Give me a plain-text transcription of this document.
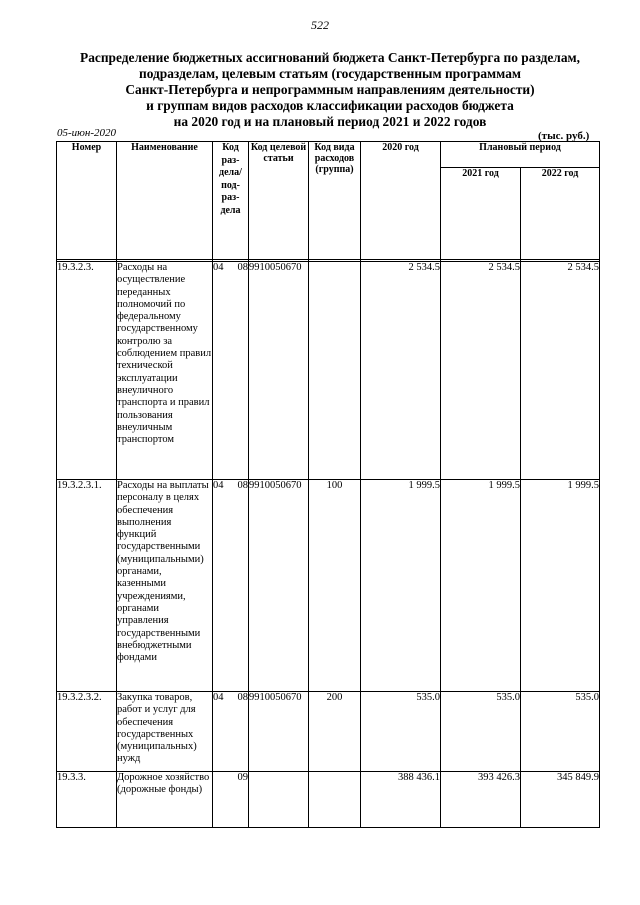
522
Распределение бюджетных ассигнований бюджета Санкт-Петербурга по разделам,
подразделам, целевым статьям (государственным программам
Санкт-Петербурга и непрограммным направлениям деятельности)
и группам видов расходов классификации расходов бюджета
на 2020 год и на плановый период 2021 и 2022 годов
05-июн-2020	(тыс. руб.)
Номер	Наименование	Код раз-дела/ под-раз-дела	Код целевой статьи	Код вида расходов (группа)	2020 год	Плановый период	
						2021 год	2022 год

19.3.2.3.	Расходы на осуществление переданных полномочий по федеральному государственному контролю за соблюдением правил технической эксплуатации внеуличного транспорта и правил пользования внеуличным транспортом	04 08	9910050670		2 534.5	2 534.5	2 534.5
19.3.2.3.1.	Расходы на выплаты персоналу в целях обеспечения выполнения функций государственными (муниципальными) органами, казенными учреждениями, органами управления государственными внебюджетными фондами	04 08	9910050670	100	1 999.5	1 999.5	1 999.5
19.3.2.3.2.	Закупка товаров, работ и услуг для обеспечения государственных (муниципальных) нужд	04 08	9910050670	200	535.0	535.0	535.0
19.3.3.	Дорожное хозяйство (дорожные фонды)	09			388 436.1	393 426.3	345 849.9
